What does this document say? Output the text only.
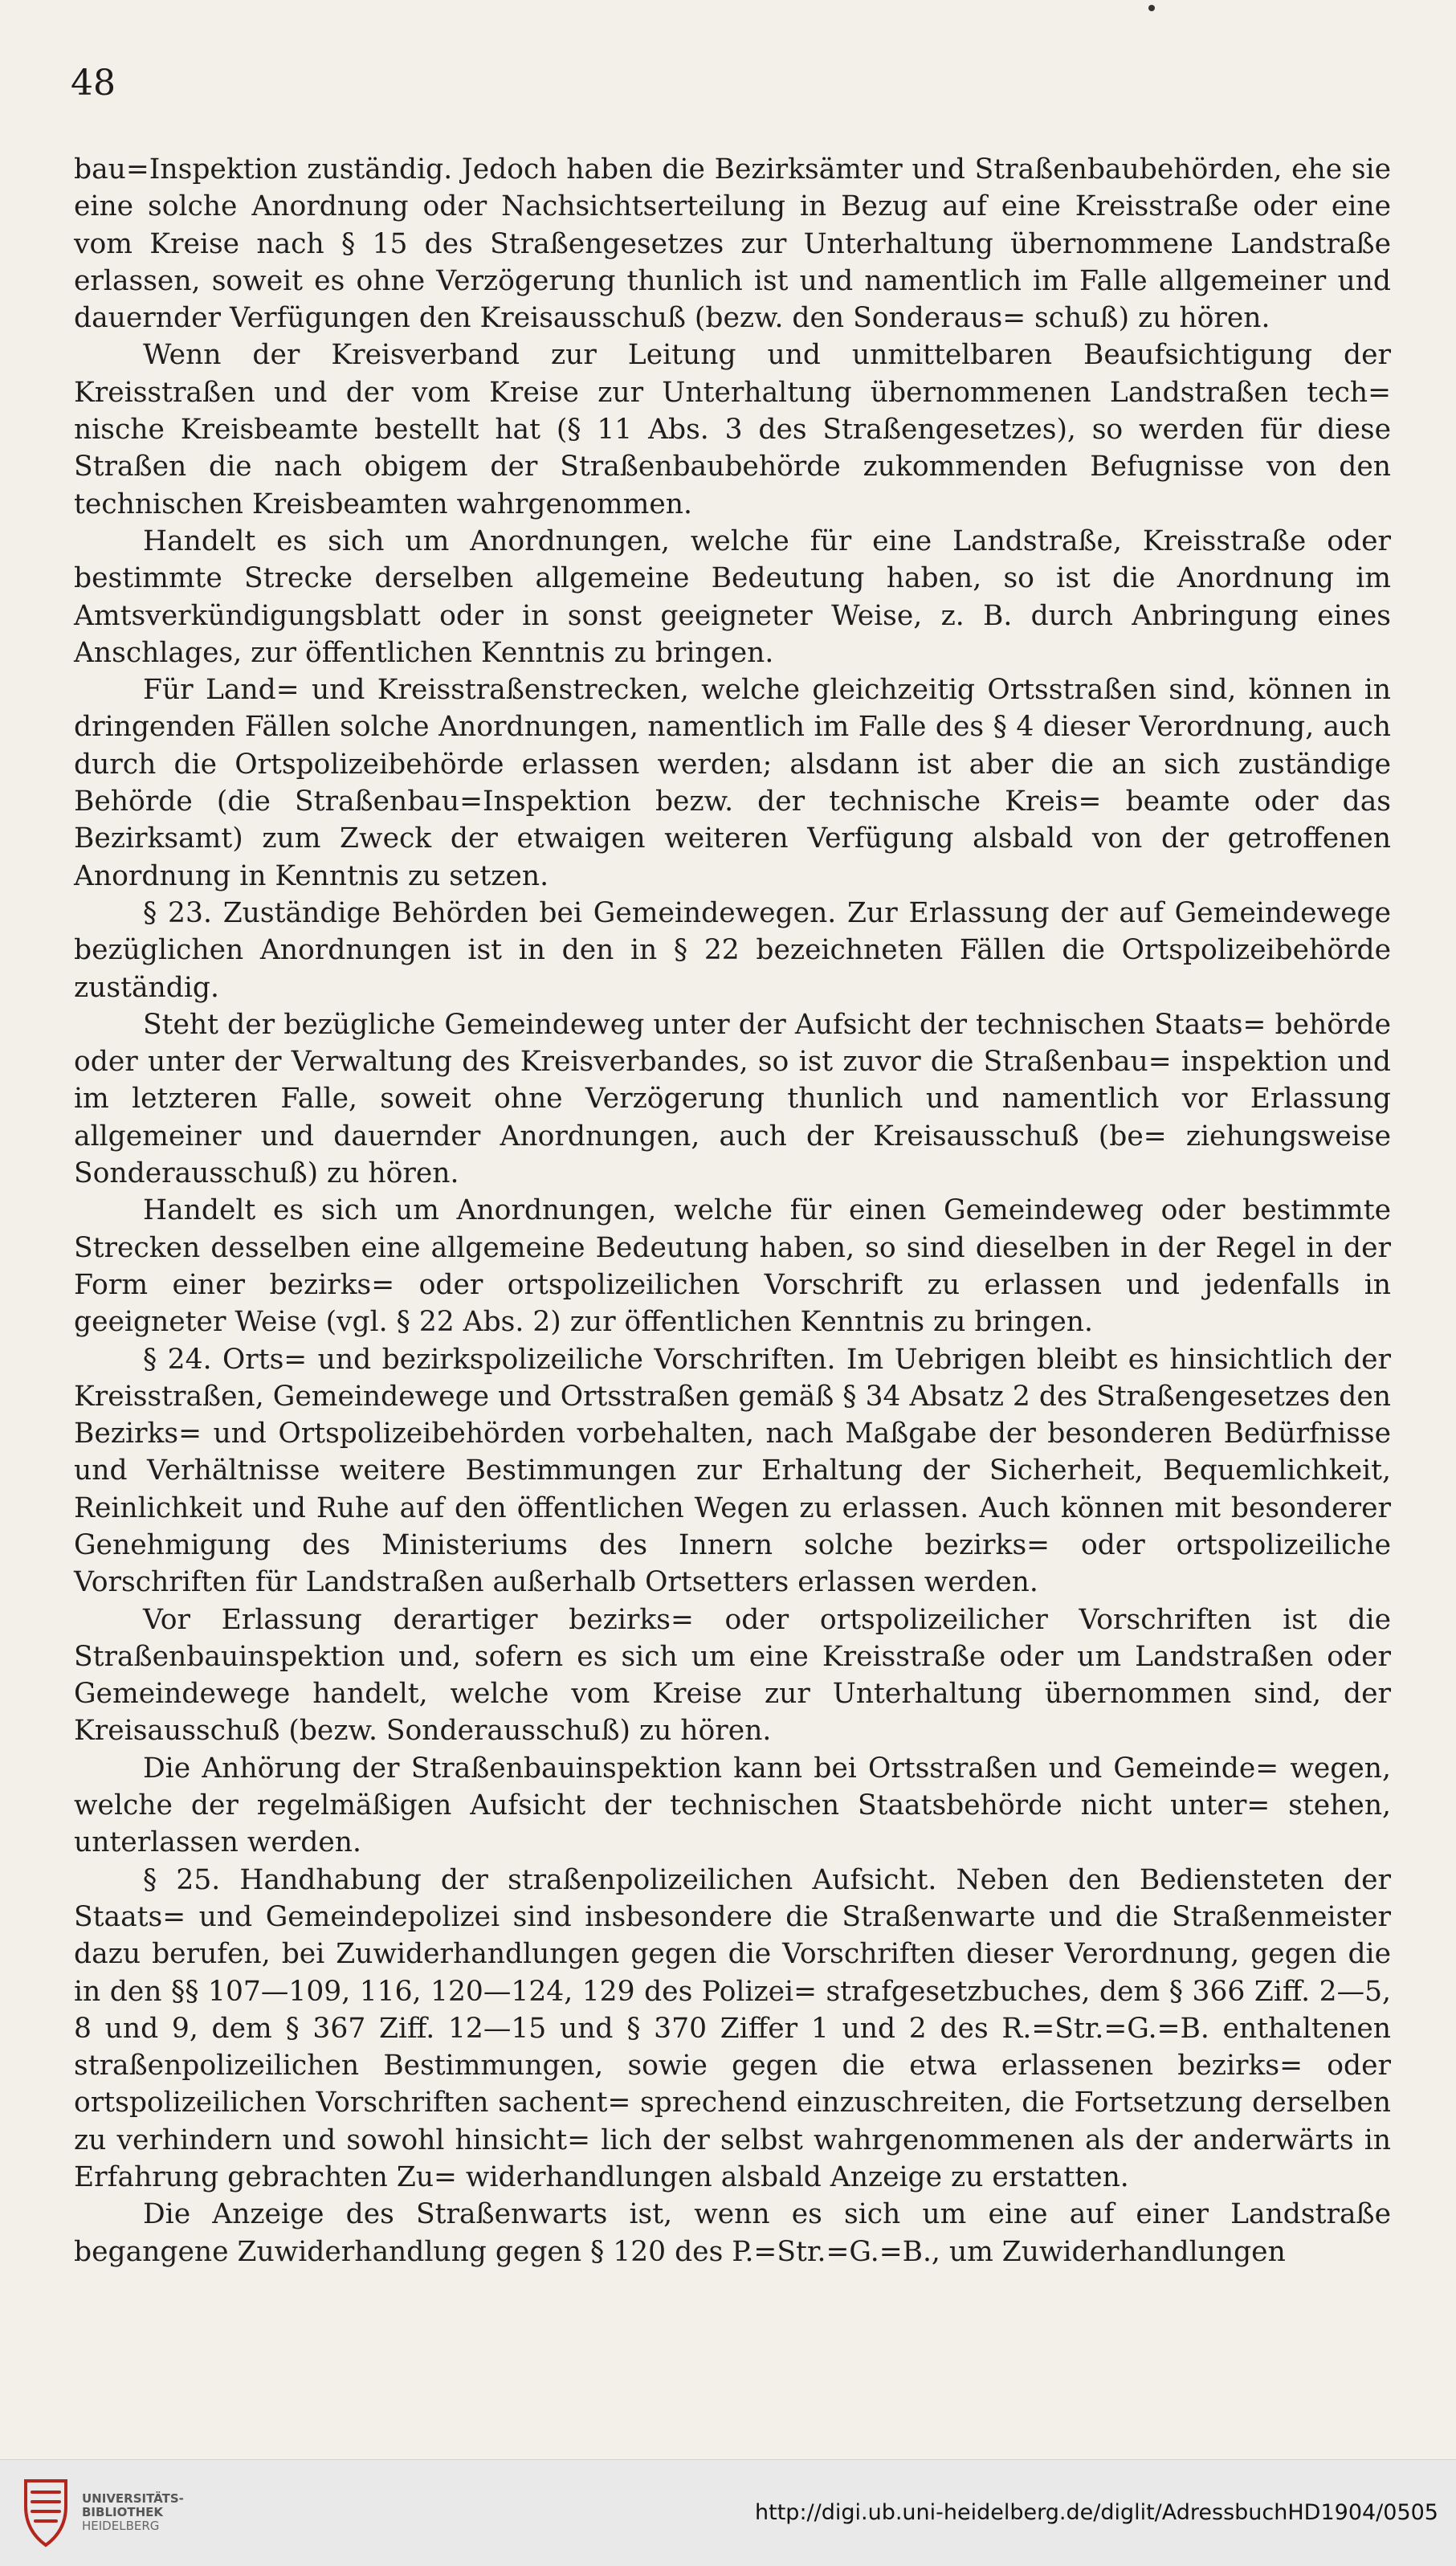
48

bau=Inspektion zuständig. Jedoch haben die Bezirksämter und Straßenbaubehörden, ehe sie eine solche Anordnung oder Nachsichtserteilung in Bezug auf eine Kreisstraße oder eine vom Kreise nach § 15 des Straßengesetzes zur Unterhaltung übernommene Landstraße erlassen, soweit es ohne Verzögerung thunlich ist und namentlich im Falle allgemeiner und dauernder Verfügungen den Kreisausschuß (bezw. den Sonderaus= schuß) zu hören.

Wenn der Kreisverband zur Leitung und unmittelbaren Beaufsichtigung der Kreisstraßen und der vom Kreise zur Unterhaltung übernommenen Landstraßen tech= nische Kreisbeamte bestellt hat (§ 11 Abs. 3 des Straßengesetzes), so werden für diese Straßen die nach obigem der Straßenbaubehörde zukommenden Befugnisse von den technischen Kreisbeamten wahrgenommen.

Handelt es sich um Anordnungen, welche für eine Landstraße, Kreisstraße oder bestimmte Strecke derselben allgemeine Bedeutung haben, so ist die Anordnung im Amtsverkündigungsblatt oder in sonst geeigneter Weise, z. B. durch Anbringung eines Anschlages, zur öffentlichen Kenntnis zu bringen.

Für Land= und Kreisstraßenstrecken, welche gleichzeitig Ortsstraßen sind, können in dringenden Fällen solche Anordnungen, namentlich im Falle des § 4 dieser Verordnung, auch durch die Ortspolizeibehörde erlassen werden; alsdann ist aber die an sich zuständige Behörde (die Straßenbau=Inspektion bezw. der technische Kreis= beamte oder das Bezirksamt) zum Zweck der etwaigen weiteren Verfügung alsbald von der getroffenen Anordnung in Kenntnis zu setzen.

§ 23. Zuständige Behörden bei Gemeindewegen. Zur Erlassung der auf Gemeindewege bezüglichen Anordnungen ist in den in § 22 bezeichneten Fällen die Ortspolizeibehörde zuständig.

Steht der bezügliche Gemeindeweg unter der Aufsicht der technischen Staats= behörde oder unter der Verwaltung des Kreisverbandes, so ist zuvor die Straßenbau= inspektion und im letzteren Falle, soweit ohne Verzögerung thunlich und namentlich vor Erlassung allgemeiner und dauernder Anordnungen, auch der Kreisausschuß (be= ziehungsweise Sonderausschuß) zu hören.

Handelt es sich um Anordnungen, welche für einen Gemeindeweg oder bestimmte Strecken desselben eine allgemeine Bedeutung haben, so sind dieselben in der Regel in der Form einer bezirks= oder ortspolizeilichen Vorschrift zu erlassen und jedenfalls in geeigneter Weise (vgl. § 22 Abs. 2) zur öffentlichen Kenntnis zu bringen.

§ 24. Orts= und bezirkspolizeiliche Vorschriften. Im Uebrigen bleibt es hinsichtlich der Kreisstraßen, Gemeindewege und Ortsstraßen gemäß § 34 Absatz 2 des Straßengesetzes den Bezirks= und Ortspolizeibehörden vorbehalten, nach Maßgabe der besonderen Bedürfnisse und Verhältnisse weitere Bestimmungen zur Erhaltung der Sicherheit, Bequemlichkeit, Reinlichkeit und Ruhe auf den öffentlichen Wegen zu erlassen. Auch können mit besonderer Genehmigung des Ministeriums des Innern solche bezirks= oder ortspolizeiliche Vorschriften für Landstraßen außerhalb Ortsetters erlassen werden.

Vor Erlassung derartiger bezirks= oder ortspolizeilicher Vorschriften ist die Straßenbauinspektion und, sofern es sich um eine Kreisstraße oder um Landstraßen oder Gemeindewege handelt, welche vom Kreise zur Unterhaltung übernommen sind, der Kreisausschuß (bezw. Sonderausschuß) zu hören.

Die Anhörung der Straßenbauinspektion kann bei Ortsstraßen und Gemeinde= wegen, welche der regelmäßigen Aufsicht der technischen Staatsbehörde nicht unter= stehen, unterlassen werden.

§ 25. Handhabung der straßenpolizeilichen Aufsicht. Neben den Bediensteten der Staats= und Gemeindepolizei sind insbesondere die Straßenwarte und die Straßenmeister dazu berufen, bei Zuwiderhandlungen gegen die Vorschriften dieser Verordnung, gegen die in den §§ 107—109, 116, 120—124, 129 des Polizei= strafgesetzbuches, dem § 366 Ziff. 2—5, 8 und 9, dem § 367 Ziff. 12—15 und § 370 Ziffer 1 und 2 des R.=Str.=G.=B. enthaltenen straßenpolizeilichen Bestimmungen, sowie gegen die etwa erlassenen bezirks= oder ortspolizeilichen Vorschriften sachent= sprechend einzuschreiten, die Fortsetzung derselben zu verhindern und sowohl hinsicht= lich der selbst wahrgenommenen als der anderwärts in Erfahrung gebrachten Zu= widerhandlungen alsbald Anzeige zu erstatten.

Die Anzeige des Straßenwarts ist, wenn es sich um eine auf einer Landstraße begangene Zuwiderhandlung gegen § 120 des P.=Str.=G.=B., um Zuwiderhandlungen

UNIVERSITÄTS-
BIBLIOTHEK
HEIDELBERG
http://digi.ub.uni-heidelberg.de/diglit/AdressbuchHD1904/0505
